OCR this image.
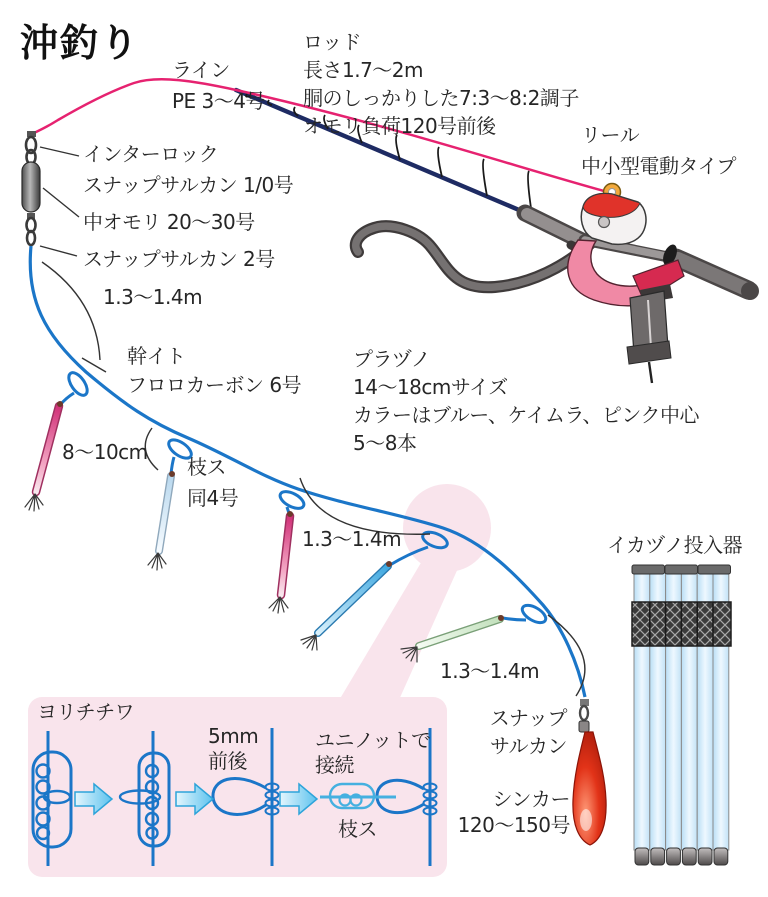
沖釣り
ライン
PE 3〜4号
ロッド
長さ1.7〜2m
胴のしっかりした7:3〜8:2調子
オモリ負荷120号前後	リール
中小型電動タイプ
インターロック
スナップサルカン 1/0号
中オモリ 20〜30号
スナップサルカン 2号
1.3〜1.4m
幹イト
フロロカーボン 6号
プラヅノ
14〜18cmサイズ
カラーはブルー、ケイムラ、ピンク中心
5〜8本
8〜10cm
枝ス
同4号
1.3〜1.4m
1.3〜1.4m
イカヅノ投入器
スナップ
サルカン
シンカー
120〜150号
ヨリチチワ
5mm
前後
ユニノットで
接続
枝ス
